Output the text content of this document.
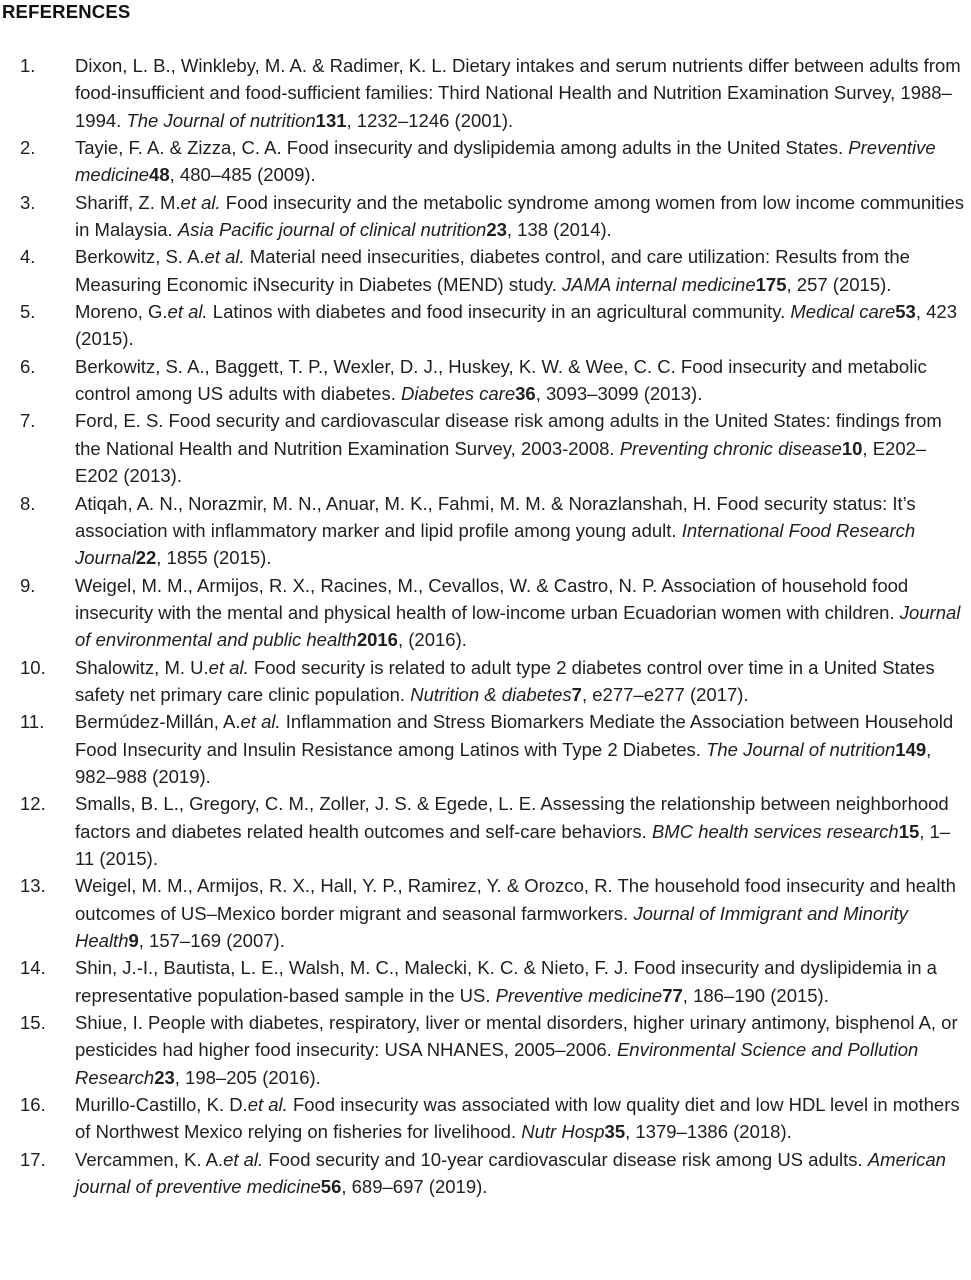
REFERENCES
1. Dixon, L. B., Winkleby, M. A. & Radimer, K. L. Dietary intakes and serum nutrients differ between adults from food-insufficient and food-sufficient families: Third National Health and Nutrition Examination Survey, 1988–1994. The Journal of nutrition131, 1232–1246 (2001).
2. Tayie, F. A. & Zizza, C. A. Food insecurity and dyslipidemia among adults in the United States. Preventive medicine48, 480–485 (2009).
3. Shariff, Z. M.et al. Food insecurity and the metabolic syndrome among women from low income communities in Malaysia. Asia Pacific journal of clinical nutrition23, 138 (2014).
4. Berkowitz, S. A.et al. Material need insecurities, diabetes control, and care utilization: Results from the Measuring Economic iNsecurity in Diabetes (MEND) study. JAMA internal medicine175, 257 (2015).
5. Moreno, G.et al. Latinos with diabetes and food insecurity in an agricultural community. Medical care53, 423 (2015).
6. Berkowitz, S. A., Baggett, T. P., Wexler, D. J., Huskey, K. W. & Wee, C. C. Food insecurity and metabolic control among US adults with diabetes. Diabetes care36, 3093–3099 (2013).
7. Ford, E. S. Food security and cardiovascular disease risk among adults in the United States: findings from the National Health and Nutrition Examination Survey, 2003-2008. Preventing chronic disease10, E202–E202 (2013).
8. Atiqah, A. N., Norazmir, M. N., Anuar, M. K., Fahmi, M. M. & Norazlanshah, H. Food security status: It’s association with inflammatory marker and lipid profile among young adult. International Food Research Journal22, 1855 (2015).
9. Weigel, M. M., Armijos, R. X., Racines, M., Cevallos, W. & Castro, N. P. Association of household food insecurity with the mental and physical health of low-income urban Ecuadorian women with children. Journal of environmental and public health2016, (2016).
10. Shalowitz, M. U.et al. Food security is related to adult type 2 diabetes control over time in a United States safety net primary care clinic population. Nutrition & diabetes7, e277–e277 (2017).
11. Bermúdez-Millán, A.et al. Inflammation and Stress Biomarkers Mediate the Association between Household Food Insecurity and Insulin Resistance among Latinos with Type 2 Diabetes. The Journal of nutrition149, 982–988 (2019).
12. Smalls, B. L., Gregory, C. M., Zoller, J. S. & Egede, L. E. Assessing the relationship between neighborhood factors and diabetes related health outcomes and self-care behaviors. BMC health services research15, 1–11 (2015).
13. Weigel, M. M., Armijos, R. X., Hall, Y. P., Ramirez, Y. & Orozco, R. The household food insecurity and health outcomes of US–Mexico border migrant and seasonal farmworkers. Journal of Immigrant and Minority Health9, 157–169 (2007).
14. Shin, J.-I., Bautista, L. E., Walsh, M. C., Malecki, K. C. & Nieto, F. J. Food insecurity and dyslipidemia in a representative population-based sample in the US. Preventive medicine77, 186–190 (2015).
15. Shiue, I. People with diabetes, respiratory, liver or mental disorders, higher urinary antimony, bisphenol A, or pesticides had higher food insecurity: USA NHANES, 2005–2006. Environmental Science and Pollution Research23, 198–205 (2016).
16. Murillo-Castillo, K. D.et al. Food insecurity was associated with low quality diet and low HDL level in mothers of Northwest Mexico relying on fisheries for livelihood. Nutr Hosp35, 1379–1386 (2018).
17. Vercammen, K. A.et al. Food security and 10-year cardiovascular disease risk among US adults. American journal of preventive medicine56, 689–697 (2019).
